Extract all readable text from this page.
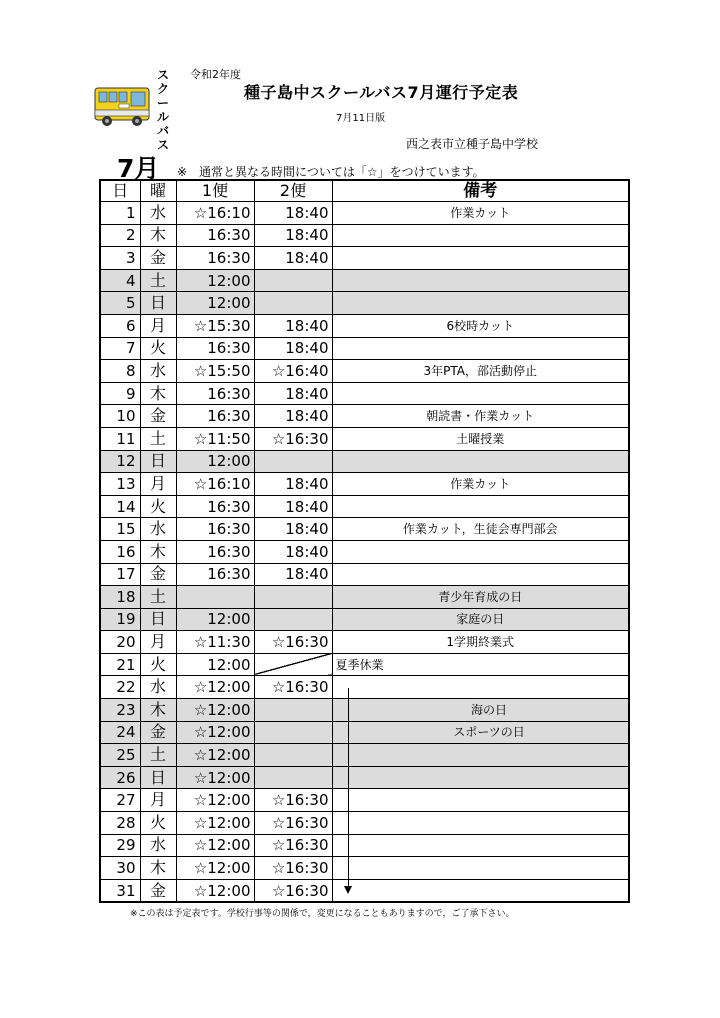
スクールバス
令和2年度
種子島中スクールバス7月運行予定表
7月11日版
西之表市立種子島中学校
7月 ※　通常と異なる時間については「☆」をつけています。
日	曜	1便	2便	備考	
1	水	☆16:10	18:40	作業カット	
2	木	16:30	18:40		
3	金	16:30	18:40		
4	土	12:00			
5	日	12:00			
6	月	☆15:30	18:40	6校時カット	
7	火	16:30	18:40		
8	水	☆15:50	☆16:40	3年PTA，部活動停止	
9	木	16:30	18:40		
10	金	16:30	18:40	朝読書・作業カット	
11	土	☆11:50	☆16:30	土曜授業	
12	日	12:00			
13	月	☆16:10	18:40	作業カット	
14	火	16:30	18:40		
15	水	16:30	18:40	作業カット，生徒会専門部会	
16	木	16:30	18:40		
17	金	16:30	18:40		
18	土			青少年育成の日	
19	日	12:00		家庭の日	
20	月	☆11:30	☆16:30	1学期終業式	
21	火	12:00		夏季休業	
22	水	☆12:00	☆16:30		
23	木	☆12:00			海の日
24	金	☆12:00			スポーツの日
25	土	☆12:00			
26	日	☆12:00			
27	月	☆12:00	☆16:30		
28	火	☆12:00	☆16:30		
29	水	☆12:00	☆16:30		
30	木	☆12:00	☆16:30		
31	金	☆12:00	☆16:30		
※この表は予定表です。学校行事等の関係で，変更になることもありますので，ご了承下さい。
